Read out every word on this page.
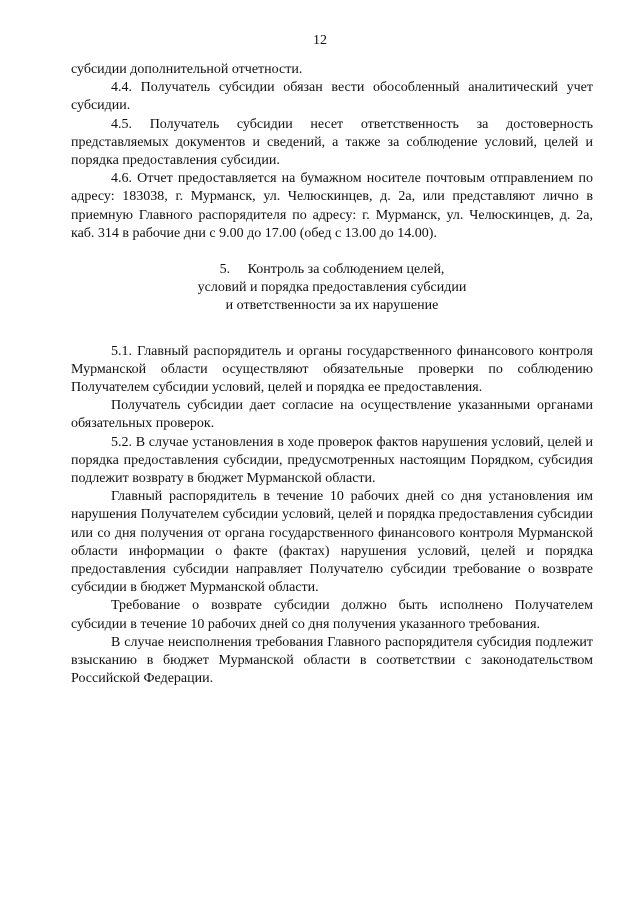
12

субсидии дополнительной отчетности.

4.4. Получатель субсидии обязан вести обособленный аналитический учет субсидии.

4.5. Получатель субсидии несет ответственность за достоверность представляемых документов и сведений, а также за соблюдение условий, целей и порядка предоставления субсидии.

4.6. Отчет предоставляется на бумажном носителе почтовым отправлением по адресу: 183038, г. Мурманск, ул. Челюскинцев, д. 2а, или представляют лично в приемную Главного распорядителя по адресу: г. Мурманск, ул. Челюскинцев, д. 2а, каб. 314 в рабочие дни с 9.00 до 17.00 (обед с 13.00 до 14.00).

5.     Контроль за соблюдением целей,
условий и порядка предоставления субсидии
и ответственности за их нарушение

5.1. Главный распорядитель и органы государственного финансового контроля Мурманской области осуществляют обязательные проверки по соблюдению Получателем субсидии условий, целей и порядка ее предоставления.

Получатель субсидии дает согласие на осуществление указанными органами обязательных проверок.

5.2. В случае установления в ходе проверок фактов нарушения условий, целей и порядка предоставления субсидии, предусмотренных настоящим Порядком, субсидия подлежит возврату в бюджет Мурманской области.

Главный распорядитель в течение 10 рабочих дней со дня установления им нарушения Получателем субсидии условий, целей и порядка предоставления субсидии или со дня получения от органа государственного финансового контроля Мурманской области информации о факте (фактах) нарушения условий, целей и порядка предоставления субсидии направляет Получателю субсидии требование о возврате субсидии в бюджет Мурманской области.

Требование о возврате субсидии должно быть исполнено Получателем субсидии в течение 10 рабочих дней со дня получения указанного требования.

В случае неисполнения требования Главного распорядителя субсидия подлежит взысканию в бюджет Мурманской области в соответствии с законодательством Российской Федерации.
